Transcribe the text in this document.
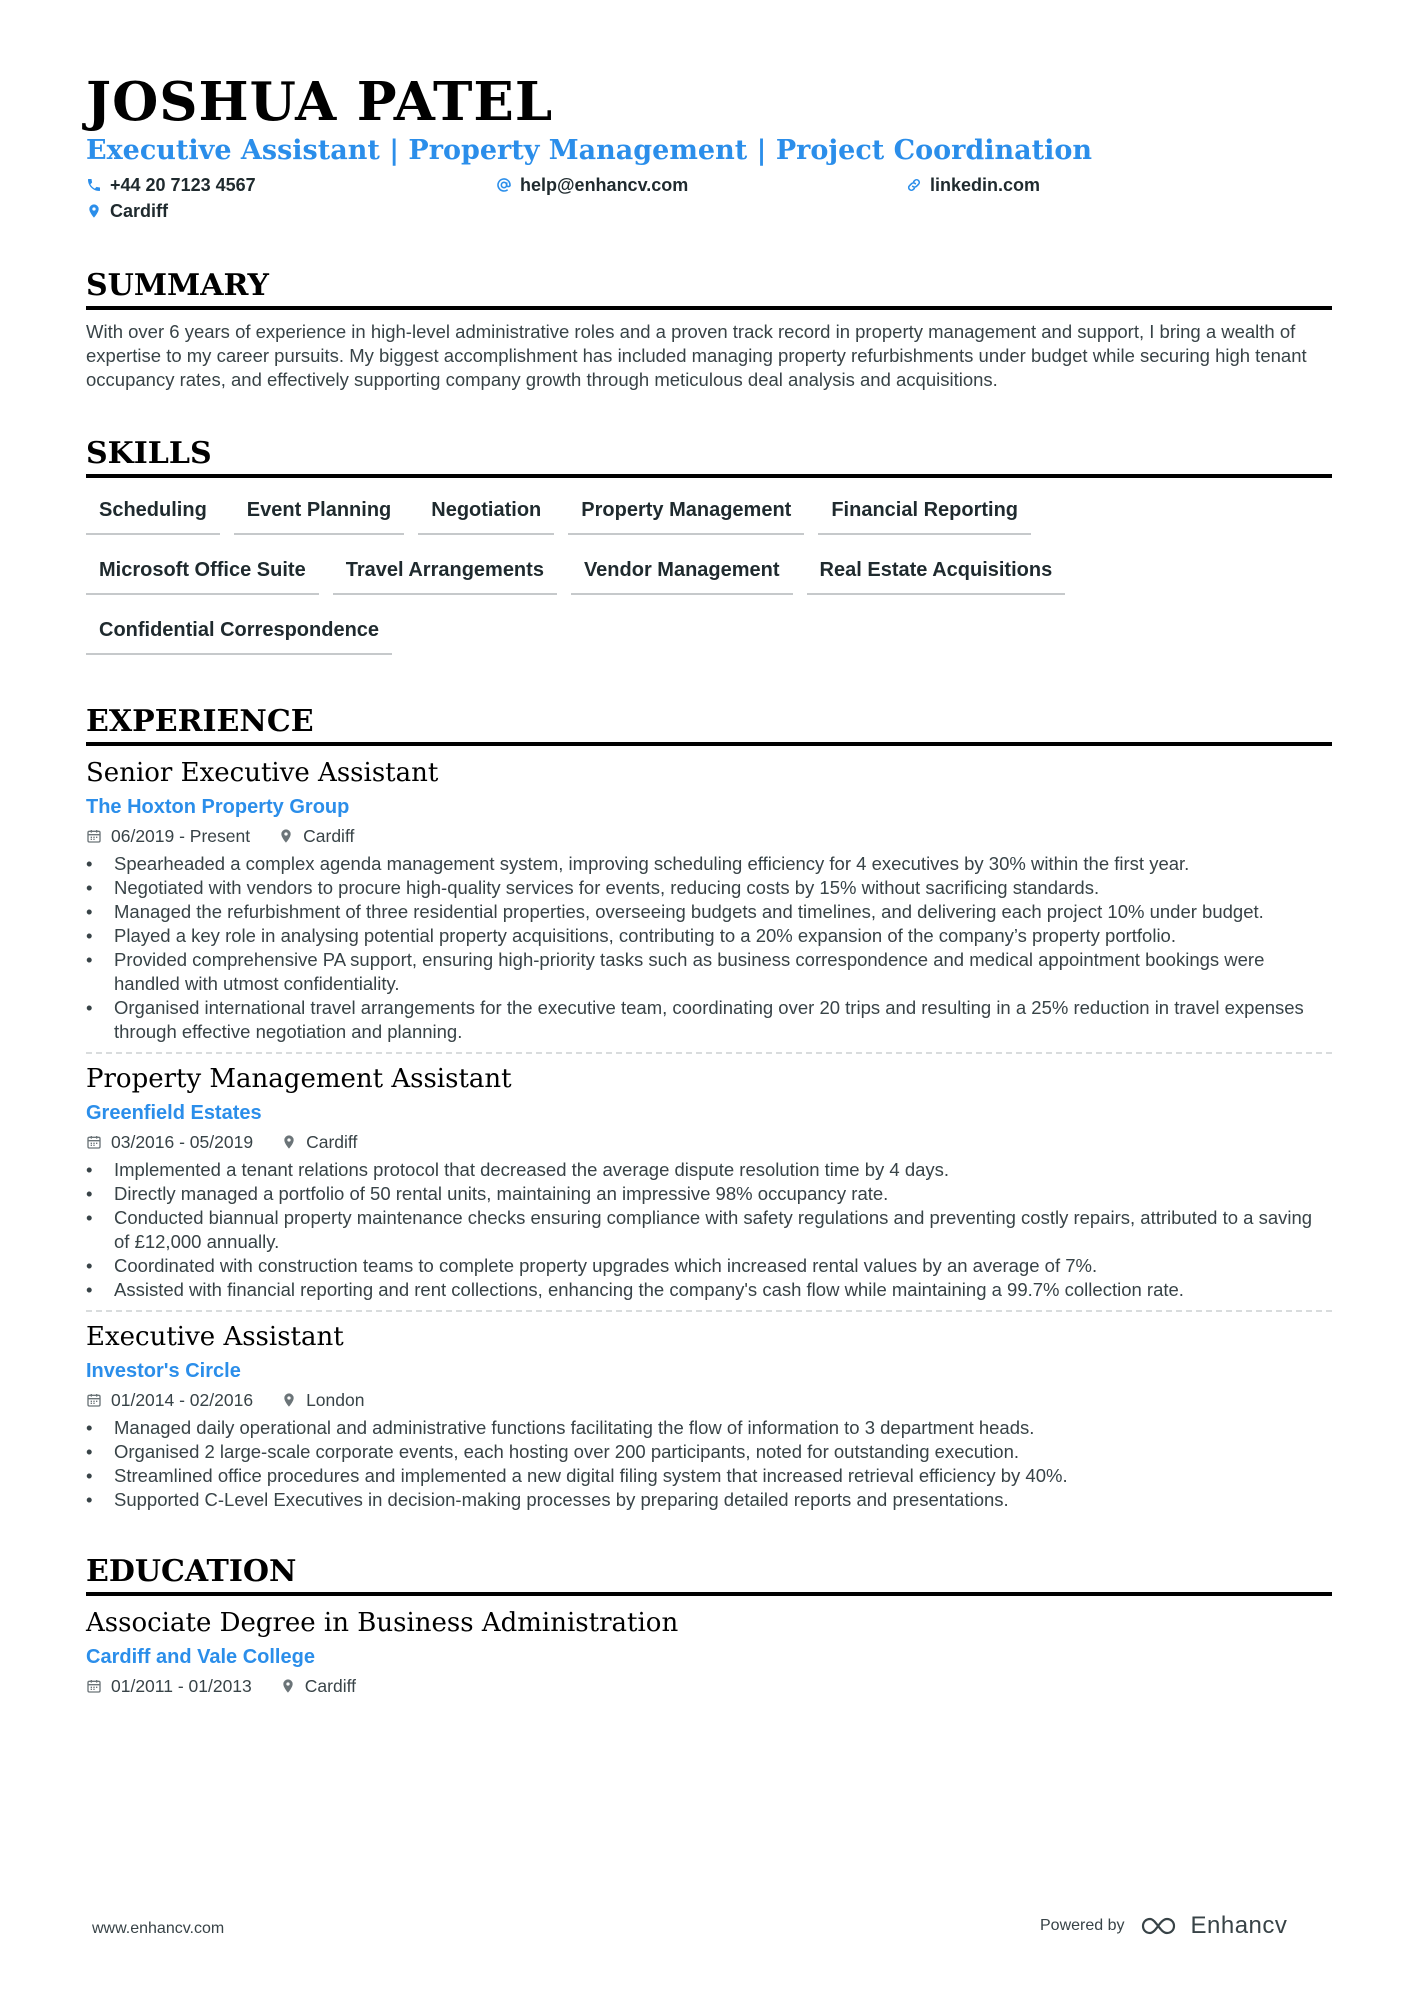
JOSHUA PATEL
Executive Assistant | Property Management | Project Coordination
+44 20 7123 4567	help@enhancv.com	linkedin.com
Cardiff
SUMMARY
With over 6 years of experience in high-level administrative roles and a proven track record in property management and support, I bring a wealth of expertise to my career pursuits. My biggest accomplishment has included managing property refurbishments under budget while securing high tenant occupancy rates, and effectively supporting company growth through meticulous deal analysis and acquisitions.
SKILLS
Scheduling	Event Planning	Negotiation	Property Management	Financial Reporting
Microsoft Office Suite	Travel Arrangements	Vendor Management	Real Estate Acquisitions
Confidential Correspondence
EXPERIENCE
Senior Executive Assistant
The Hoxton Property Group
06/2019 - Present	Cardiff
• Spearheaded a complex agenda management system, improving scheduling efficiency for 4 executives by 30% within the first year.
• Negotiated with vendors to procure high-quality services for events, reducing costs by 15% without sacrificing standards.
• Managed the refurbishment of three residential properties, overseeing budgets and timelines, and delivering each project 10% under budget.
• Played a key role in analysing potential property acquisitions, contributing to a 20% expansion of the company’s property portfolio.
• Provided comprehensive PA support, ensuring high-priority tasks such as business correspondence and medical appointment bookings were handled with utmost confidentiality.
• Organised international travel arrangements for the executive team, coordinating over 20 trips and resulting in a 25% reduction in travel expenses through effective negotiation and planning.
Property Management Assistant
Greenfield Estates
03/2016 - 05/2019	Cardiff
• Implemented a tenant relations protocol that decreased the average dispute resolution time by 4 days.
• Directly managed a portfolio of 50 rental units, maintaining an impressive 98% occupancy rate.
• Conducted biannual property maintenance checks ensuring compliance with safety regulations and preventing costly repairs, attributed to a saving of £12,000 annually.
• Coordinated with construction teams to complete property upgrades which increased rental values by an average of 7%.
• Assisted with financial reporting and rent collections, enhancing the company's cash flow while maintaining a 99.7% collection rate.
Executive Assistant
Investor's Circle
01/2014 - 02/2016	London
• Managed daily operational and administrative functions facilitating the flow of information to 3 department heads.
• Organised 2 large-scale corporate events, each hosting over 200 participants, noted for outstanding execution.
• Streamlined office procedures and implemented a new digital filing system that increased retrieval efficiency by 40%.
• Supported C-Level Executives in decision-making processes by preparing detailed reports and presentations.
EDUCATION
Associate Degree in Business Administration
Cardiff and Vale College
01/2011 - 01/2013	Cardiff
www.enhancv.com	Powered by	Enhancv
